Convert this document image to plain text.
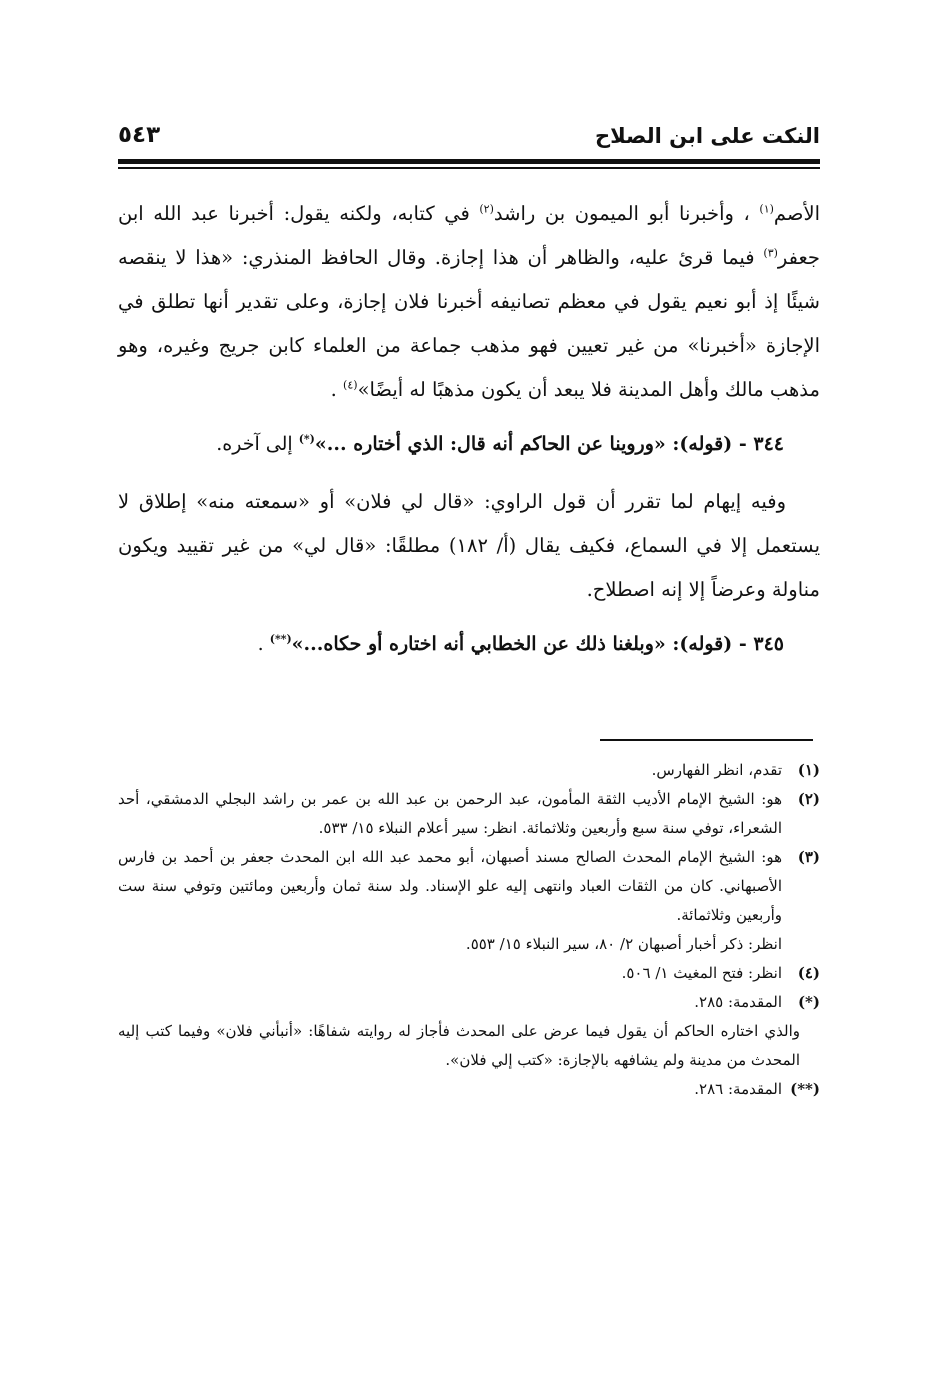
النكت على ابن الصلاح
٥٤٣

الأصم$^{(١)}$ ، وأخبرنا أبو الميمون بن راشد$^{(٢)}$ في كتابه، ولكنه يقول: أخبرنا عبد الله ابن جعفر$^{(٣)}$ فيما قرئ عليه، والظاهر أن هذا إجازة. وقال الحافظ المنذري: «هذا لا ينقصه شيئًا إذ أبو نعيم يقول في معظم تصانيفه أخبرنا فلان إجازة، وعلى تقدير أنها تطلق في الإجازة «أخبرنا» من غير تعيين فهو مذهب جماعة من العلماء كابن جريج وغيره، وهو مذهب مالك وأهل المدينة فلا يبعد أن يكون مذهبًا له أيضًا»$^{(٤)}$ .

٣٤٤ - (قوله): «وروينا عن الحاكم أنه قال: الذي أختاره ...»(*) إلى آخره.

وفيه إيهام لما تقرر أن قول الراوي: «قال لي فلان» أو «سمعته منه» إطلاق لا يستعمل إلا في السماع، فكيف يقال (أ/ ١٨٢) مطلقًا: «قال لي» من غير تقييد ويكون مناولة وعرضاً إلا إنه اصطلاح.

٣٤٥ - (قوله): «وبلغنا ذلك عن الخطابي أنه اختاره أو حكاه...»(**) .

(١)
تقدم، انظر الفهارس.
(٢)
هو: الشيخ الإمام الأديب الثقة المأمون، عبد الرحمن بن عبد الله بن عمر بن راشد البجلي الدمشقي، أحد الشعراء، توفي سنة سبع وأربعين وثلاثمائة. انظر: سير أعلام النبلاء ١٥/ ٥٣٣.
(٣)
هو: الشيخ الإمام المحدث الصالح مسند أصبهان، أبو محمد عبد الله ابن المحدث جعفر بن أحمد بن فارس الأصبهاني. كان من الثقات العباد وانتهى إليه علو الإسناد. ولد سنة ثمان وأربعين ومائتين وتوفي سنة ست وأربعين وثلاثمائة.
انظر: ذكر أخبار أصبهان ٢/ ٨٠، سير النبلاء ١٥/ ٥٥٣.
(٤)
انظر: فتح المغيث ١/ ٥٠٦.
(*)
المقدمة: ٢٨٥.
والذي اختاره الحاكم أن يقول فيما عرض على المحدث فأجاز له روايته شفاهًا: «أنبأني فلان» وفيما كتب إليه المحدث من مدينة ولم يشافهه بالإجازة: «كتب إلي فلان».
(**)
المقدمة: ٢٨٦.
